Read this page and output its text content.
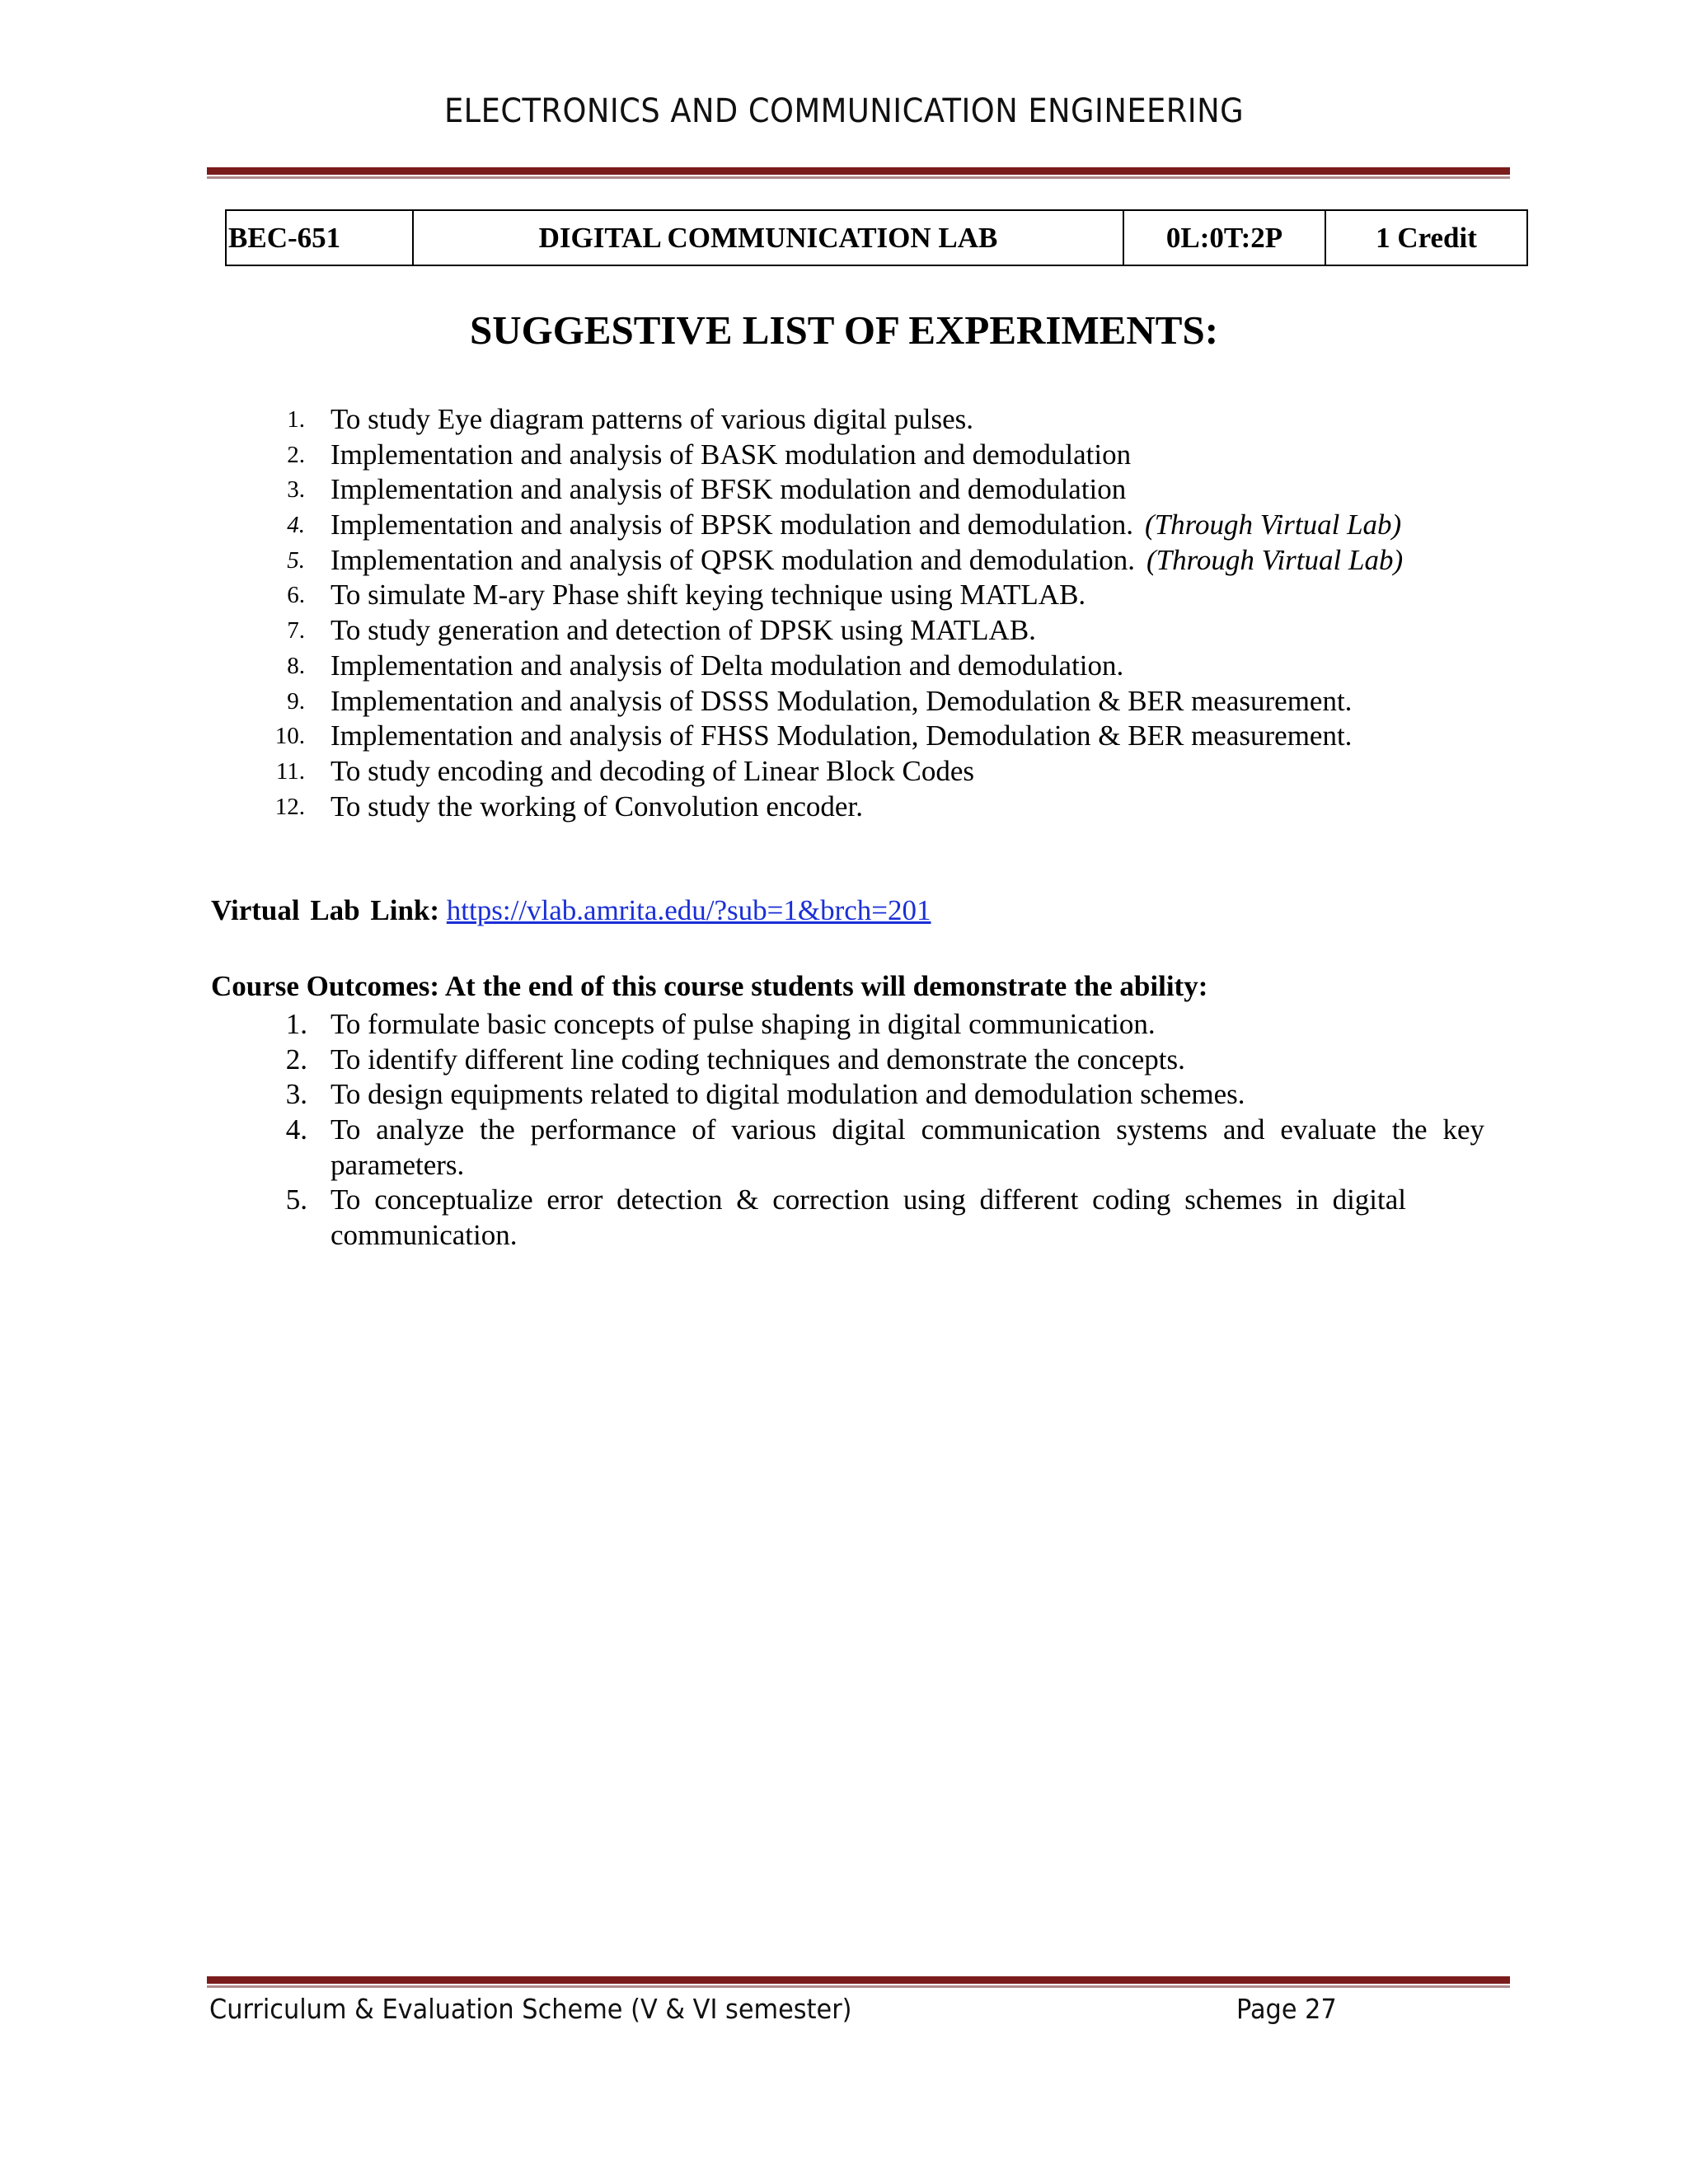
ELECTRONICS AND COMMUNICATION ENGINEERING
BEC-651	DIGITAL COMMUNICATION LAB	0L:0T:2P	1 Credit
SUGGESTIVE LIST OF EXPERIMENTS:
1. To study Eye diagram patterns of various digital pulses.
2. Implementation and analysis of BASK modulation and demodulation
3. Implementation and analysis of BFSK modulation and demodulation
4. Implementation and analysis of BPSK modulation and demodulation. (Through Virtual Lab)
5. Implementation and analysis of QPSK modulation and demodulation. (Through Virtual Lab)
6. To simulate M-ary Phase shift keying technique using MATLAB.
7. To study generation and detection of DPSK using MATLAB.
8. Implementation and analysis of Delta modulation and demodulation.
9. Implementation and analysis of DSSS Modulation, Demodulation & BER measurement.
10. Implementation and analysis of FHSS Modulation, Demodulation & BER measurement.
11. To study encoding and decoding of Linear Block Codes
12. To study the working of Convolution encoder.
Virtual Lab Link: https://vlab.amrita.edu/?sub=1&brch=201
Course Outcomes: At the end of this course students will demonstrate the ability:
1. To formulate basic concepts of pulse shaping in digital communication.
2. To identify different line coding techniques and demonstrate the concepts.
3. To design equipments related to digital modulation and demodulation schemes.
4. To analyze the performance of various digital communication systems and evaluate the key
parameters.
5. To conceptualize error detection & correction using different coding schemes in digital
communication.
Curriculum & Evaluation Scheme (V & VI semester)	Page 27
